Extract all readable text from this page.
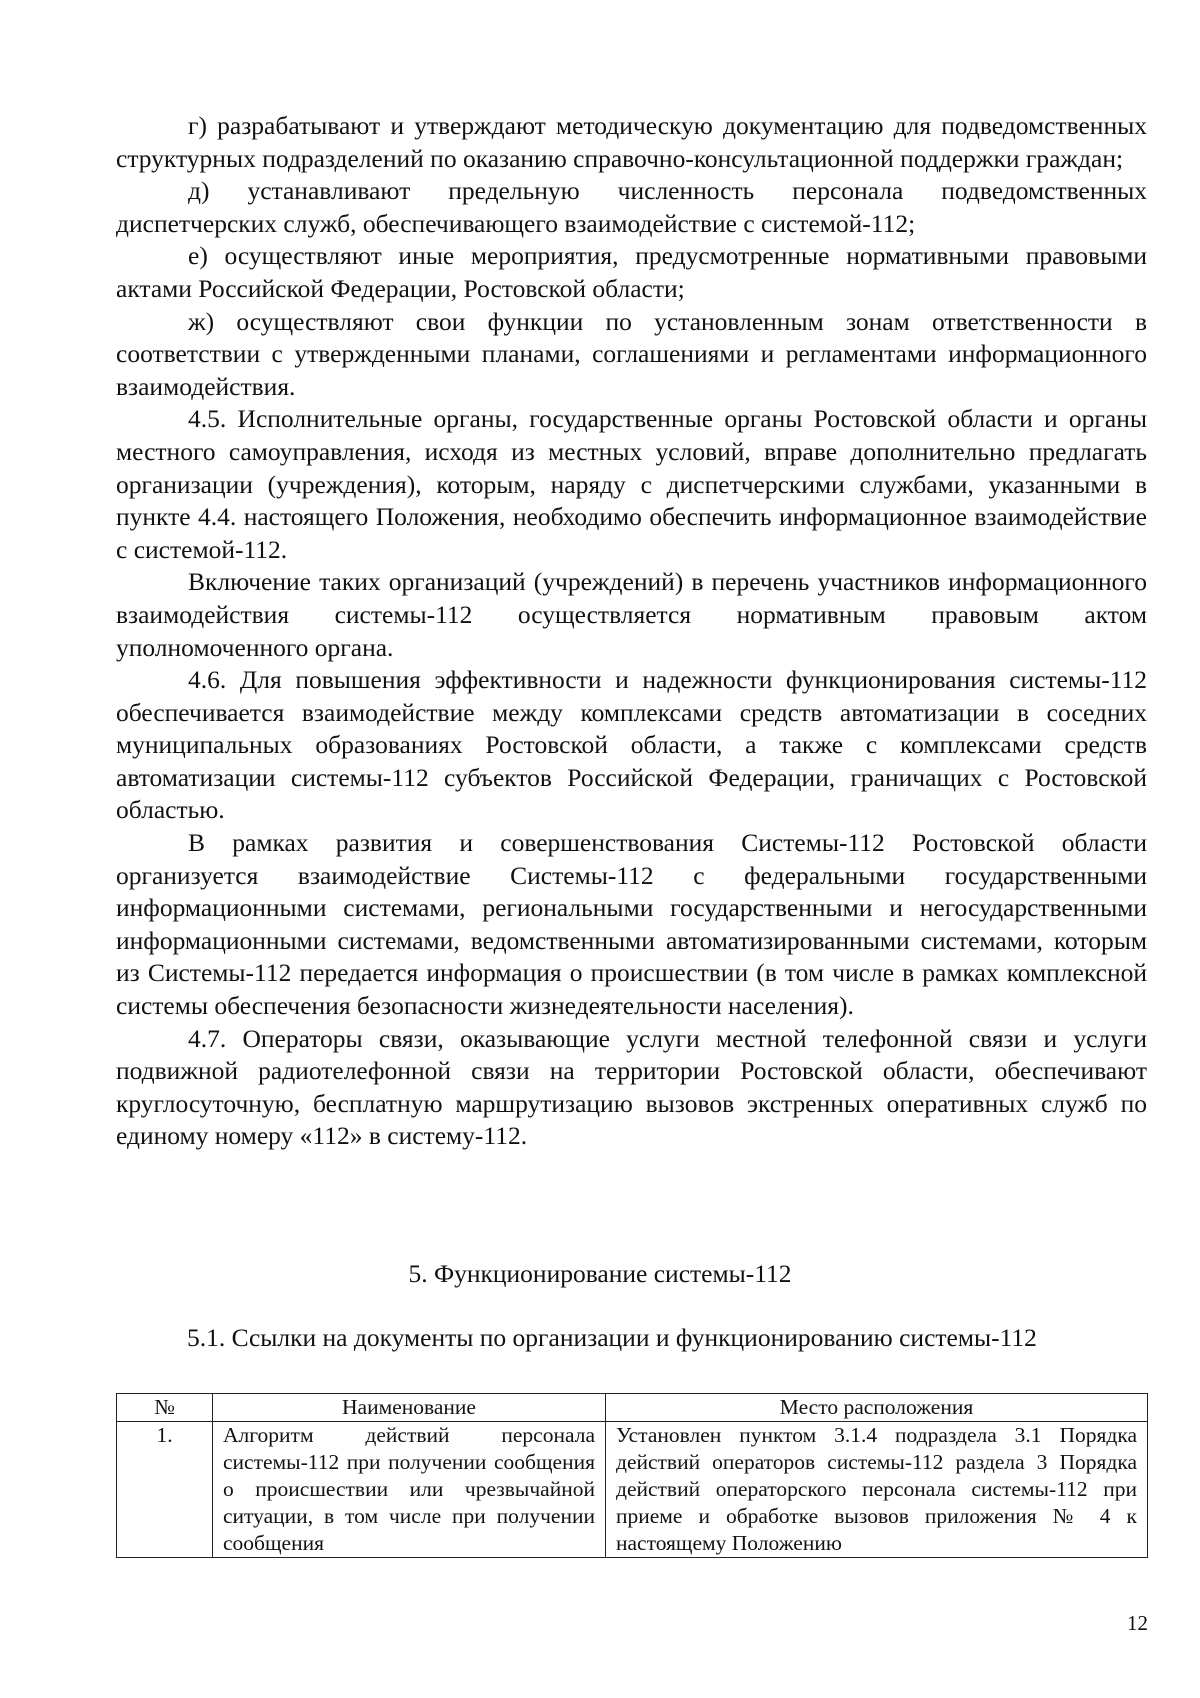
г) разрабатывают и утверждают методическую документацию для подведомственных структурных подразделений по оказанию справочно-консультационной поддержки граждан;

д) устанавливают предельную численность персонала подведомственных диспетчерских служб, обеспечивающего взаимодействие с системой-112;

е) осуществляют иные мероприятия, предусмотренные нормативными правовыми актами Российской Федерации, Ростовской области;

ж) осуществляют свои функции по установленным зонам ответственности в соответствии с утвержденными планами, соглашениями и регламентами информационного взаимодействия.

4.5. Исполнительные органы, государственные органы Ростовской области и органы местного самоуправления, исходя из местных условий, вправе дополнительно предлагать организации (учреждения), которым, наряду с диспетчерскими службами, указанными в пункте 4.4. настоящего Положения, необходимо обеспечить информационное взаимодействие с системой-112.

Включение таких организаций (учреждений) в перечень участников информационного взаимодействия системы-112 осуществляется нормативным правовым актом уполномоченного органа.

4.6. Для повышения эффективности и надежности функционирования системы-112 обеспечивается взаимодействие между комплексами средств автоматизации в соседних муниципальных образованиях Ростовской области, а также с комплексами средств автоматизации системы-112 субъектов Российской Федерации, граничащих с Ростовской областью.

В рамках развития и совершенствования Системы-112 Ростовской области организуется взаимодействие Системы-112 с федеральными государственными информационными системами, региональными государственными и негосударственными информационными системами, ведомственными автоматизированными системами, которым из Системы-112 передается информация о происшествии (в том числе в рамках комплексной системы обеспечения безопасности жизнедеятельности населения).

4.7. Операторы связи, оказывающие услуги местной телефонной связи и услуги подвижной радиотелефонной связи на территории Ростовской области, обеспечивают круглосуточную, бесплатную маршрутизацию вызовов экстренных оперативных служб по единому номеру «112» в систему-112.

5. Функционирование системы-112
5.1. Ссылки на документы по организации и функционированию системы-112
№	Наименование	Место расположения
1.	Алгоритм действий персонала системы-112 при получении сообщения о происшествии или чрезвычайной ситуации, в том числе при получении сообщения	Установлен пунктом 3.1.4 подраздела 3.1 Порядка действий операторов системы-112 раздела 3 Порядка действий операторского персонала системы-112 при приеме и обработке вызовов приложения № 4 к настоящему Положению
12
